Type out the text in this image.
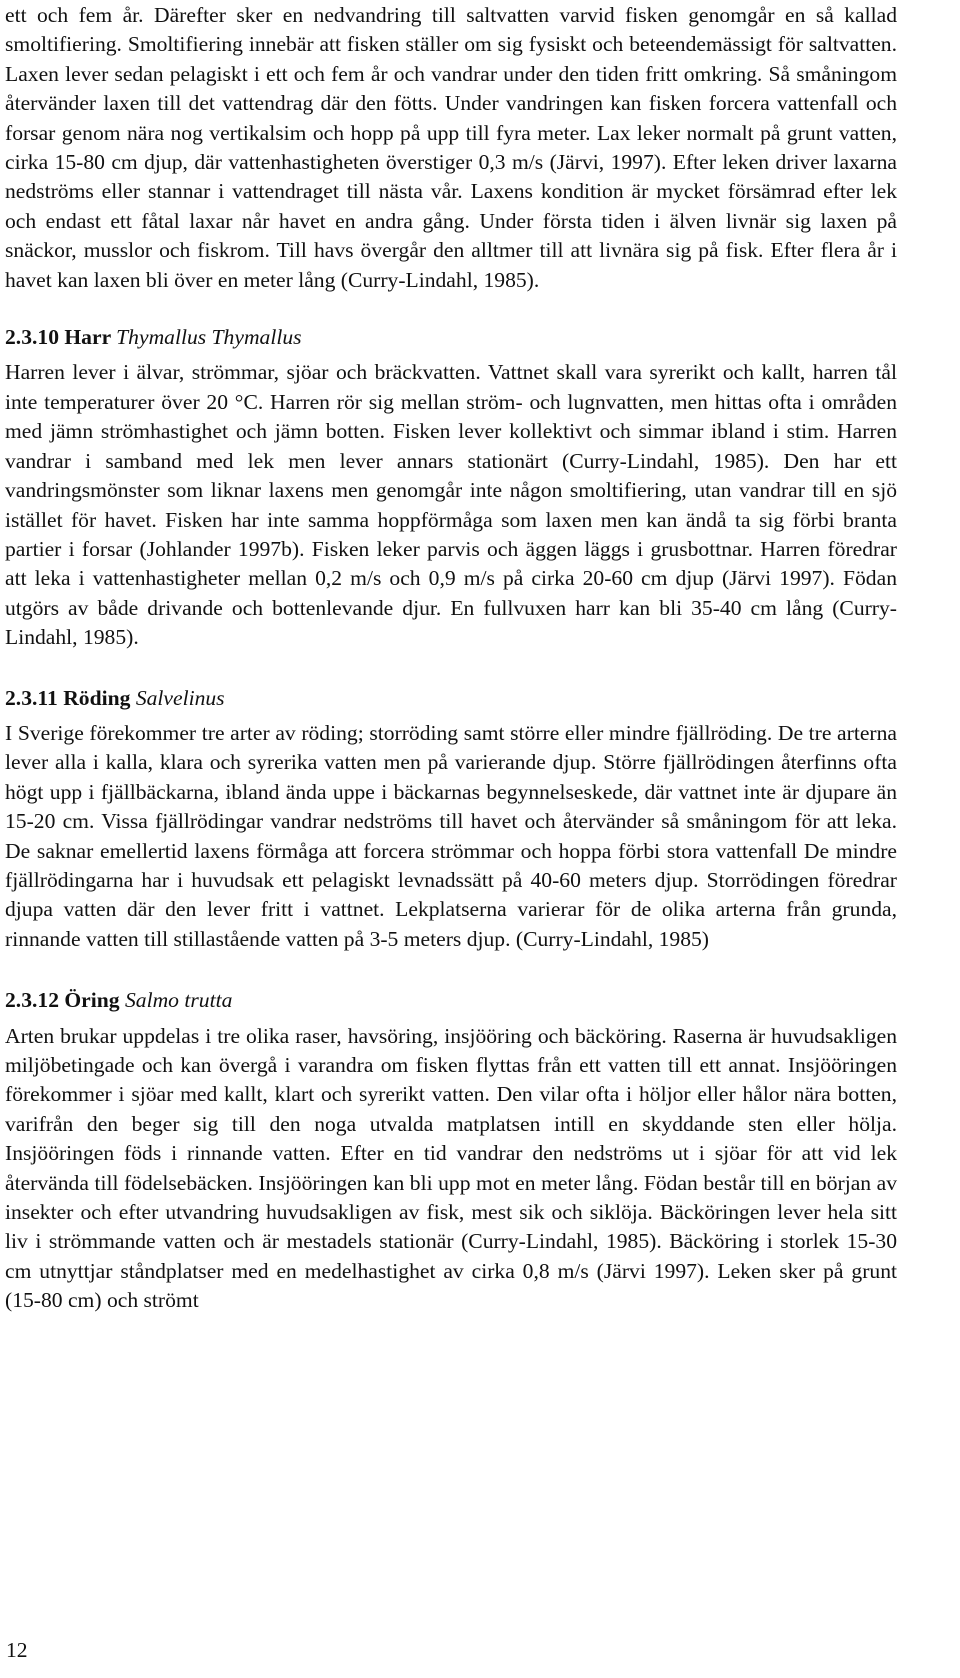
ett och fem år. Därefter sker en nedvandring till saltvatten varvid fisken genomgår en så kallad smoltifiering. Smoltifiering innebär att fisken ställer om sig fysiskt och beteendemässigt för saltvatten. Laxen lever sedan pelagiskt i ett och fem år och vandrar under den tiden fritt omkring. Så småningom återvänder laxen till det vattendrag där den fötts. Under vandringen kan fisken forcera vattenfall och forsar genom nära nog vertikalsim och hopp på upp till fyra meter. Lax leker normalt på grunt vatten, cirka 15-80 cm djup, där vattenhastigheten överstiger 0,3 m/s (Järvi, 1997). Efter leken driver laxarna nedströms eller stannar i vattendraget till nästa vår. Laxens kondition är mycket försämrad efter lek och endast ett fåtal laxar når havet en andra gång. Under första tiden i älven livnär sig laxen på snäckor, musslor och fiskrom. Till havs övergår den alltmer till att livnära sig på fisk. Efter flera år i havet kan laxen bli över en meter lång (Curry-Lindahl, 1985).

2.3.10 Harr Thymallus Thymallus

Harren lever i älvar, strömmar, sjöar och bräckvatten. Vattnet skall vara syrerikt och kallt, harren tål inte temperaturer över 20 °C. Harren rör sig mellan ström- och lugnvatten, men hittas ofta i områden med jämn strömhastighet och jämn botten. Fisken lever kollektivt och simmar ibland i stim. Harren vandrar i samband med lek men lever annars stationärt (Curry-Lindahl, 1985). Den har ett vandringsmönster som liknar laxens men genomgår inte någon smoltifiering, utan vandrar till en sjö istället för havet. Fisken har inte samma hoppförmåga som laxen men kan ändå ta sig förbi branta partier i forsar (Johlander 1997b). Fisken leker parvis och äggen läggs i grusbottnar. Harren föredrar att leka i vattenhastigheter mellan 0,2 m/s och 0,9 m/s på cirka 20-60 cm djup (Järvi 1997). Födan utgörs av både drivande och bottenlevande djur. En fullvuxen harr kan bli 35-40 cm lång (Curry-Lindahl, 1985).

2.3.11 Röding Salvelinus

I Sverige förekommer tre arter av röding; storröding samt större eller mindre fjällröding. De tre arterna lever alla i kalla, klara och syrerika vatten men på varierande djup. Större fjällrödingen återfinns ofta högt upp i fjällbäckarna, ibland ända uppe i bäckarnas begynnelseskede, där vattnet inte är djupare än 15-20 cm. Vissa fjällrödingar vandrar nedströms till havet och återvänder så småningom för att leka. De saknar emellertid laxens förmåga att forcera strömmar och hoppa förbi stora vattenfall De mindre fjällrödingarna har i huvudsak ett pelagiskt levnadssätt på 40-60 meters djup. Storrödingen föredrar djupa vatten där den lever fritt i vattnet. Lekplatserna varierar för de olika arterna från grunda, rinnande vatten till stillastående vatten på 3-5 meters djup. (Curry-Lindahl, 1985)

2.3.12 Öring Salmo trutta

Arten brukar uppdelas i tre olika raser, havsöring, insjööring och bäcköring. Raserna är huvudsakligen miljöbetingade och kan övergå i varandra om fisken flyttas från ett vatten till ett annat. Insjööringen förekommer i sjöar med kallt, klart och syrerikt vatten. Den vilar ofta i höljor eller hålor nära botten, varifrån den beger sig till den noga utvalda matplatsen intill en skyddande sten eller hölja. Insjööringen föds i rinnande vatten. Efter en tid vandrar den nedströms ut i sjöar för att vid lek återvända till födelsebäcken. Insjööringen kan bli upp mot en meter lång. Födan består till en början av insekter och efter utvandring huvudsakligen av fisk, mest sik och siklöja. Bäcköringen lever hela sitt liv i strömmande vatten och är mestadels stationär (Curry-Lindahl, 1985). Bäcköring i storlek 15-30 cm utnyttjar ståndplatser med en medelhastighet av cirka 0,8 m/s (Järvi 1997). Leken sker på grunt (15-80 cm) och strömt

12
